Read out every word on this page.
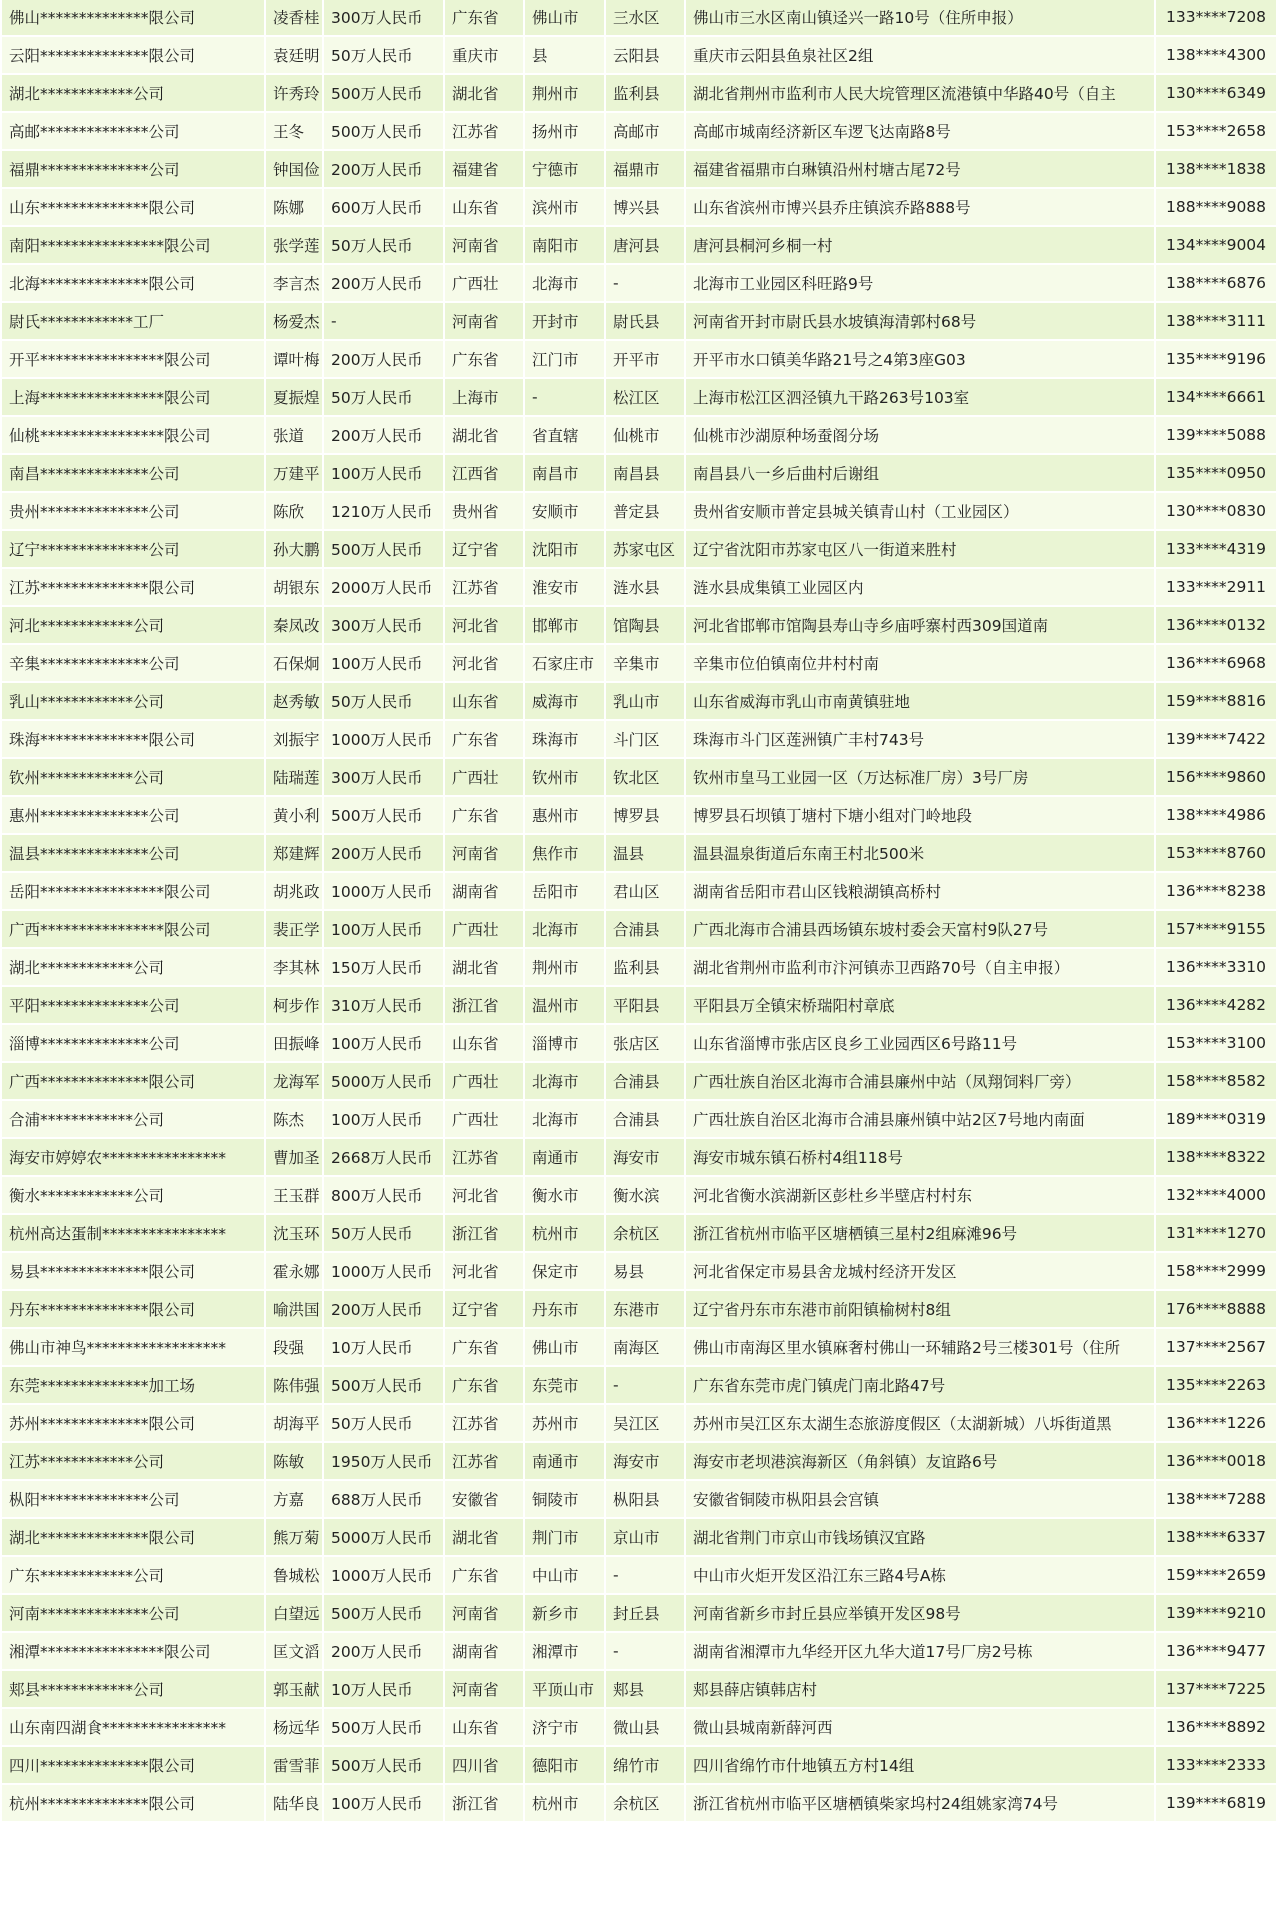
佛山**************限公司	凌香桂	300万人民币	广东省	佛山市	三水区	佛山市三水区南山镇迳兴一路10号（住所申报）	133****7208
云阳**************限公司	袁廷明	50万人民币	重庆市	县	云阳县	重庆市云阳县鱼泉社区2组	138****4300
湖北************公司	许秀玲	500万人民币	湖北省	荆州市	监利县	湖北省荆州市监利市人民大垸管理区流港镇中华路40号（自主	130****6349
高邮**************公司	王冬	500万人民币	江苏省	扬州市	高邮市	高邮市城南经济新区车逻飞达南路8号	153****2658
福鼎**************公司	钟国俭	200万人民币	福建省	宁德市	福鼎市	福建省福鼎市白琳镇沿州村塘古尾72号	138****1838
山东**************限公司	陈娜	600万人民币	山东省	滨州市	博兴县	山东省滨州市博兴县乔庄镇滨乔路888号	188****9088
南阳****************限公司	张学莲	50万人民币	河南省	南阳市	唐河县	唐河县桐河乡桐一村	134****9004
北海**************限公司	李言杰	200万人民币	广西壮	北海市	-	北海市工业园区科旺路9号	138****6876
尉氏************工厂	杨爱杰	-	河南省	开封市	尉氏县	河南省开封市尉氏县水坡镇海清郭村68号	138****3111
开平****************限公司	谭叶梅	200万人民币	广东省	江门市	开平市	开平市水口镇美华路21号之4第3座G03	135****9196
上海****************限公司	夏振煌	50万人民币	上海市	-	松江区	上海市松江区泗泾镇九干路263号103室	134****6661
仙桃****************限公司	张道	200万人民币	湖北省	省直辖	仙桃市	仙桃市沙湖原种场蚕阁分场	139****5088
南昌**************公司	万建平	100万人民币	江西省	南昌市	南昌县	南昌县八一乡后曲村后谢组	135****0950
贵州**************公司	陈欣	1210万人民币	贵州省	安顺市	普定县	贵州省安顺市普定县城关镇青山村（工业园区）	130****0830
辽宁**************公司	孙大鹏	500万人民币	辽宁省	沈阳市	苏家屯区	辽宁省沈阳市苏家屯区八一街道来胜村	133****4319
江苏**************限公司	胡银东	2000万人民币	江苏省	淮安市	涟水县	涟水县成集镇工业园区内	133****2911
河北************公司	秦凤改	300万人民币	河北省	邯郸市	馆陶县	河北省邯郸市馆陶县寿山寺乡庙呼寨村西309国道南	136****0132
辛集**************公司	石保炯	100万人民币	河北省	石家庄市	辛集市	辛集市位伯镇南位井村村南	136****6968
乳山************公司	赵秀敏	50万人民币	山东省	威海市	乳山市	山东省威海市乳山市南黄镇驻地	159****8816
珠海**************限公司	刘振宇	1000万人民币	广东省	珠海市	斗门区	珠海市斗门区莲洲镇广丰村743号	139****7422
钦州************公司	陆瑞莲	300万人民币	广西壮	钦州市	钦北区	钦州市皇马工业园一区（万达标准厂房）3号厂房	156****9860
惠州**************公司	黄小利	500万人民币	广东省	惠州市	博罗县	博罗县石坝镇丁塘村下塘小组对门岭地段	138****4986
温县**************公司	郑建辉	200万人民币	河南省	焦作市	温县	温县温泉街道后东南王村北500米	153****8760
岳阳****************限公司	胡兆政	1000万人民币	湖南省	岳阳市	君山区	湖南省岳阳市君山区钱粮湖镇高桥村	136****8238
广西****************限公司	裴正学	100万人民币	广西壮	北海市	合浦县	广西北海市合浦县西场镇东坡村委会天富村9队27号	157****9155
湖北************公司	李其林	150万人民币	湖北省	荆州市	监利县	湖北省荆州市监利市汴河镇赤卫西路70号（自主申报）	136****3310
平阳**************公司	柯步作	310万人民币	浙江省	温州市	平阳县	平阳县万全镇宋桥瑞阳村章底	136****4282
淄博**************公司	田振峰	100万人民币	山东省	淄博市	张店区	山东省淄博市张店区良乡工业园西区6号路11号	153****3100
广西**************限公司	龙海军	5000万人民币	广西壮	北海市	合浦县	广西壮族自治区北海市合浦县廉州中站（凤翔饲料厂旁）	158****8582
合浦************公司	陈杰	100万人民币	广西壮	北海市	合浦县	广西壮族自治区北海市合浦县廉州镇中站2区7号地内南面	189****0319
海安市婷婷农****************	曹加圣	2668万人民币	江苏省	南通市	海安市	海安市城东镇石桥村4组118号	138****8322
衡水************公司	王玉群	800万人民币	河北省	衡水市	衡水滨	河北省衡水滨湖新区彭杜乡半壁店村村东	132****4000
杭州高达蛋制****************	沈玉环	50万人民币	浙江省	杭州市	余杭区	浙江省杭州市临平区塘栖镇三星村2组麻滩96号	131****1270
易县**************限公司	霍永娜	1000万人民币	河北省	保定市	易县	河北省保定市易县舍龙城村经济开发区	158****2999
丹东**************限公司	喻洪国	200万人民币	辽宁省	丹东市	东港市	辽宁省丹东市东港市前阳镇榆树村8组	176****8888
佛山市神鸟******************	段强	10万人民币	广东省	佛山市	南海区	佛山市南海区里水镇麻奢村佛山一环辅路2号三楼301号（住所	137****2567
东莞**************加工场	陈伟强	500万人民币	广东省	东莞市	-	广东省东莞市虎门镇虎门南北路47号	135****2263
苏州**************限公司	胡海平	50万人民币	江苏省	苏州市	吴江区	苏州市吴江区东太湖生态旅游度假区（太湖新城）八坼街道黑	136****1226
江苏************公司	陈敏	1950万人民币	江苏省	南通市	海安市	海安市老坝港滨海新区（角斜镇）友谊路6号	136****0018
枞阳**************公司	方嘉	688万人民币	安徽省	铜陵市	枞阳县	安徽省铜陵市枞阳县会宫镇	138****7288
湖北**************限公司	熊万菊	5000万人民币	湖北省	荆门市	京山市	湖北省荆门市京山市钱场镇汉宜路	138****6337
广东************公司	鲁城松	1000万人民币	广东省	中山市	-	中山市火炬开发区沿江东三路4号A栋	159****2659
河南**************公司	白望远	500万人民币	河南省	新乡市	封丘县	河南省新乡市封丘县应举镇开发区98号	139****9210
湘潭****************限公司	匡文滔	200万人民币	湖南省	湘潭市	-	湖南省湘潭市九华经开区九华大道17号厂房2号栋	136****9477
郏县************公司	郭玉献	10万人民币	河南省	平顶山市	郏县	郏县薛店镇韩店村	137****7225
山东南四湖食****************	杨远华	500万人民币	山东省	济宁市	微山县	微山县城南新薛河西	136****8892
四川**************限公司	雷雪菲	500万人民币	四川省	德阳市	绵竹市	四川省绵竹市什地镇五方村14组	133****2333
杭州**************限公司	陆华良	100万人民币	浙江省	杭州市	余杭区	浙江省杭州市临平区塘栖镇柴家坞村24组姚家湾74号	139****6819
